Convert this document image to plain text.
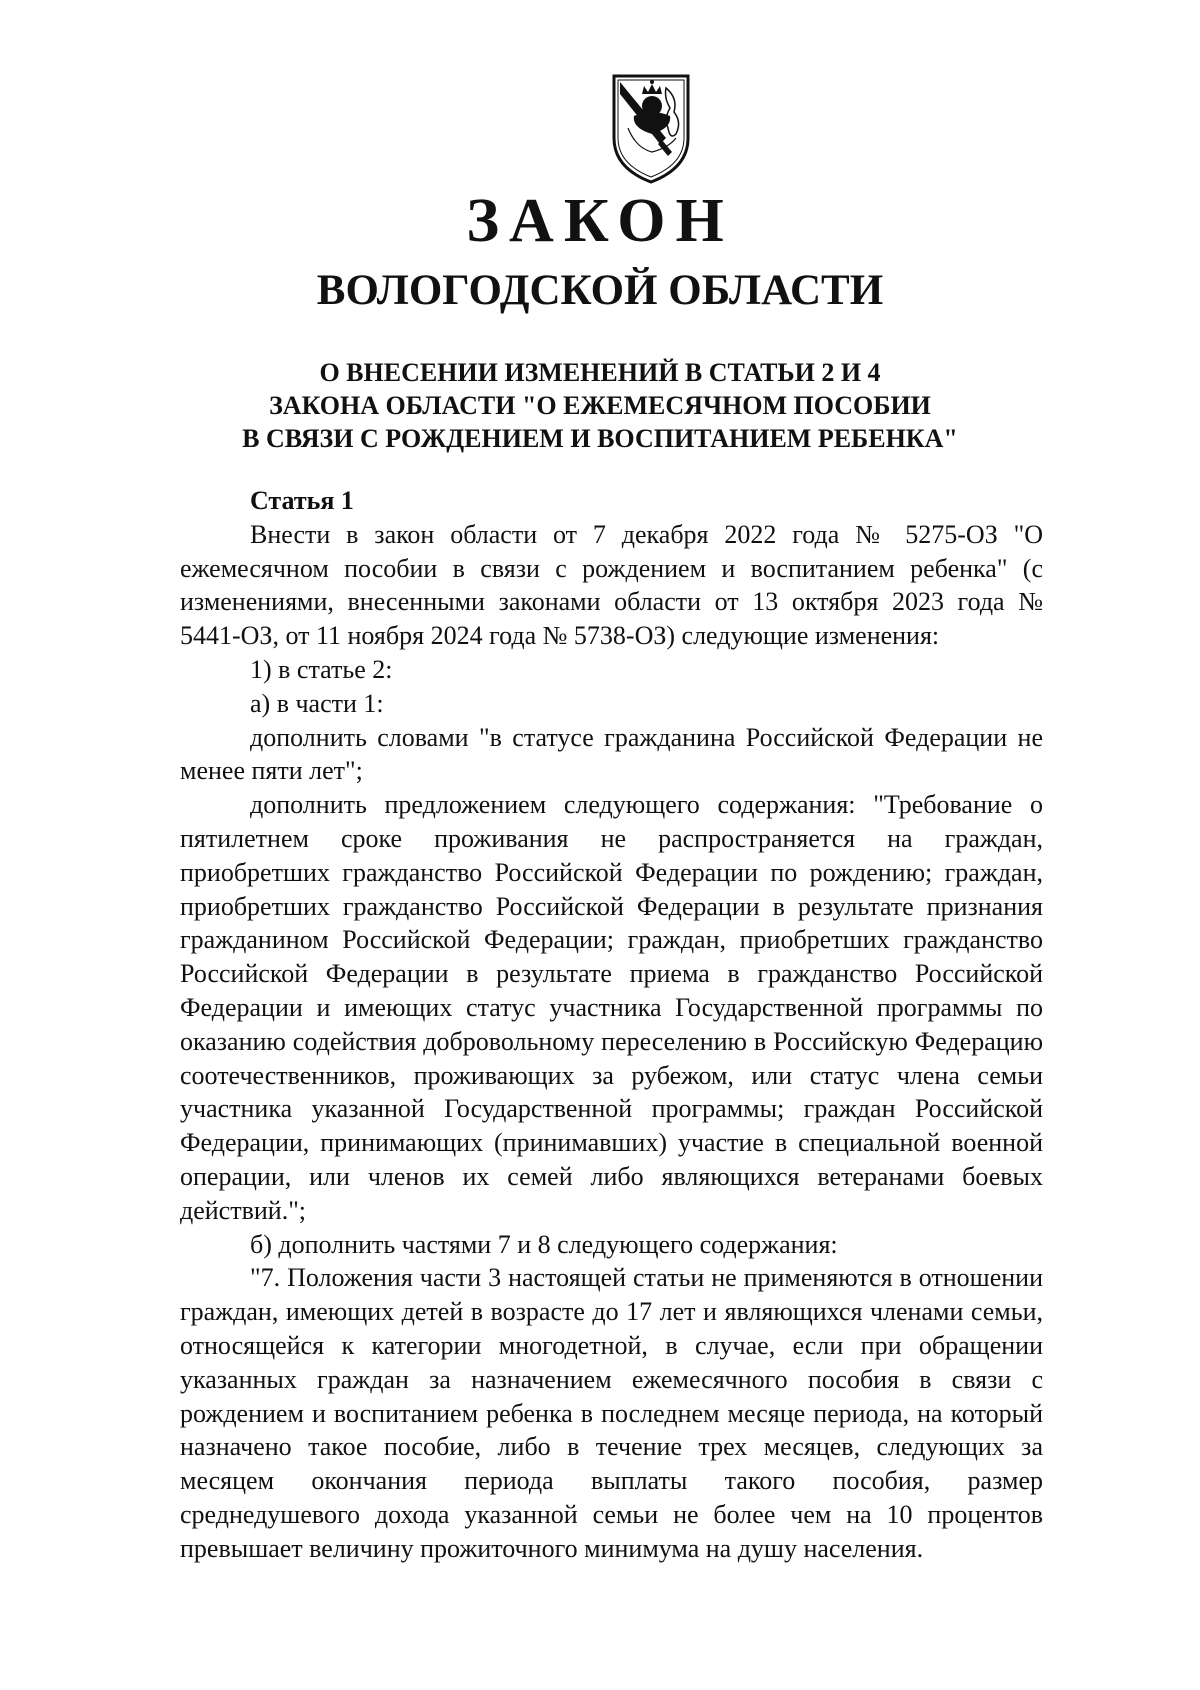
ЗАКОН
ВОЛОГОДСКОЙ ОБЛАСТИ
О ВНЕСЕНИИ ИЗМЕНЕНИЙ В СТАТЬИ 2 И 4
ЗАКОНА ОБЛАСТИ "О ЕЖЕМЕСЯЧНОМ ПОСОБИИ
В СВЯЗИ С РОЖДЕНИЕМ И ВОСПИТАНИЕМ РЕБЕНКА"

Статья 1

Внести в закон области от 7 декабря 2022 года № 5275-ОЗ "О ежемесячном пособии в связи с рождением и воспитанием ребенка" (с изменениями, внесенными законами области от 13 октября 2023 года № 5441-ОЗ, от 11 ноября 2024 года № 5738-ОЗ) следующие изменения:

1) в статье 2:

а) в части 1:

дополнить словами "в статусе гражданина Российской Федерации не менее пяти лет";

дополнить предложением следующего содержания: "Требование о пятилетнем сроке проживания не распространяется на граждан, приобретших гражданство Российской Федерации по рождению; граждан, приобретших гражданство Российской Федерации в результате признания гражданином Российской Федерации; граждан, приобретших гражданство Российской Федерации в результате приема в гражданство Российской Федерации и имеющих статус участника Государственной программы по оказанию содействия добровольному переселению в Российскую Федерацию соотечественников, проживающих за рубежом, или статус члена семьи участника указанной Государственной программы; граждан Российской Федерации, принимающих (принимавших) участие в специальной военной операции, или членов их семей либо являющихся ветеранами боевых действий.";

б) дополнить частями 7 и 8 следующего содержания:

"7. Положения части 3 настоящей статьи не применяются в отношении граждан, имеющих детей в возрасте до 17 лет и являющихся членами семьи, относящейся к категории многодетной, в случае, если при обращении указанных граждан за назначением ежемесячного пособия в связи с рождением и воспитанием ребенка в последнем месяце периода, на который назначено такое пособие, либо в течение трех месяцев, следующих за месяцем окончания периода выплаты такого пособия, размер среднедушевого дохода указанной семьи не более чем на 10 процентов превышает величину прожиточного минимума на душу населения.
